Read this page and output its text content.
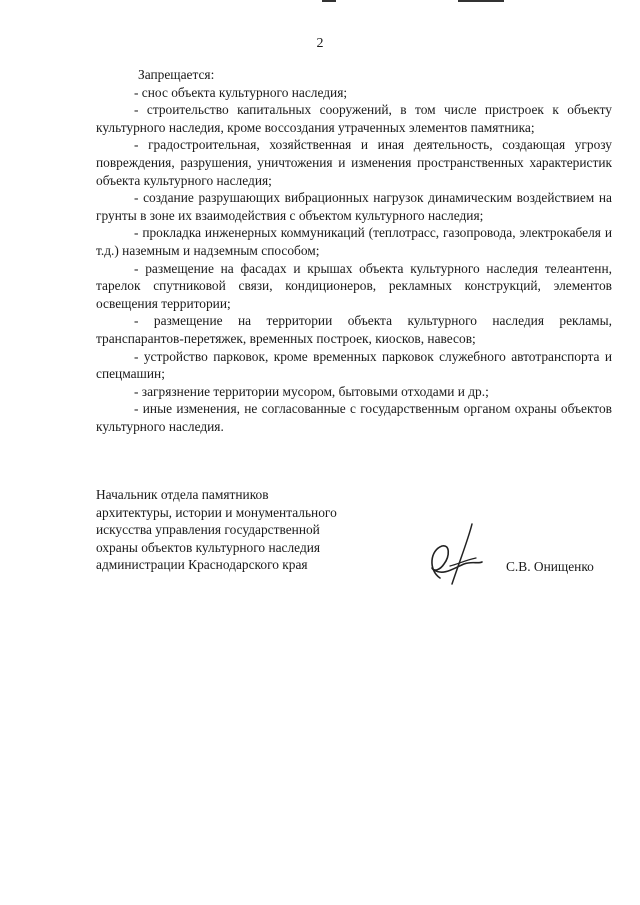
2
Запрещается:
- снос объекта культурного наследия;
- строительство капитальных сооружений, в том числе пристроек к объекту культурного наследия, кроме воссоздания утраченных элементов памятника;
- градостроительная, хозяйственная и иная деятельность, создающая угрозу повреждения, разрушения, уничтожения и изменения пространственных характеристик объекта культурного наследия;
- создание разрушающих вибрационных нагрузок динамическим воздействием на грунты в зоне их взаимодействия с объектом культурного наследия;
- прокладка инженерных коммуникаций (теплотрасс, газопровода, электрокабеля и т.д.) наземным и надземным способом;
- размещение на фасадах и крышах объекта культурного наследия телеантенн, тарелок спутниковой связи, кондиционеров, рекламных конструкций, элементов освещения территории;
- размещение на территории объекта культурного наследия рекламы, транспарантов-перетяжек, временных построек, киосков, навесов;
- устройство парковок, кроме временных парковок служебного автотранспорта и спецмашин;
- загрязнение территории мусором, бытовыми отходами и др.;
- иные изменения, не согласованные с государственным органом охраны объектов культурного наследия.
Начальник отдела памятников
архитектуры, истории и монументального
искусства управления государственной
охраны объектов культурного наследия
администрации Краснодарского края	С.В. Онищенко
